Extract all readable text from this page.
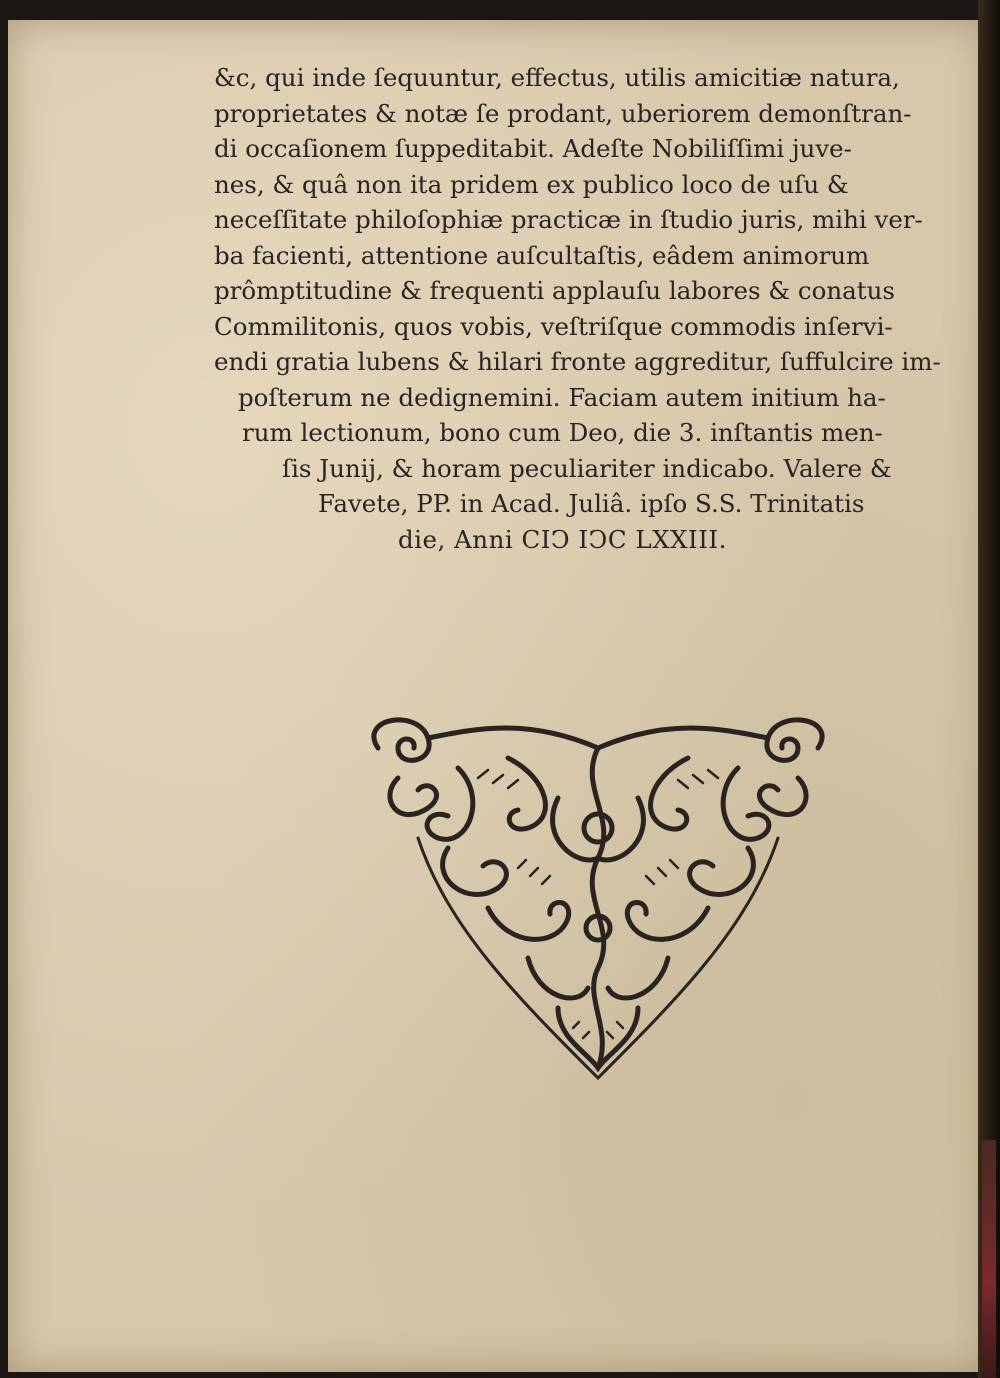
&c, qui inde ſequuntur, effectus, utilis amicitiæ natura,
proprietates & notæ ſe prodant, uberiorem demonſtran-
di occaſionem ſuppeditabit. Adeſte Nobiliſſimi juve-
nes, & quâ non ita pridem ex publico loco de uſu &
neceſſitate philoſophiæ practicæ in ſtudio juris, mihi ver-
ba facienti, attentione auſcultaſtis, eâdem animorum
prômptitudine & frequenti applauſu labores & conatus
Commilitonis, quos vobis, veſtriſque commodis inſervi-
endi gratia lubens & hilari fronte aggreditur, ſuffulcire im-
poſterum ne dedignemini. Faciam autem initium ha-
rum lectionum, bono cum Deo, die 3. inſtantis men-
ſis Junij, & horam peculiariter indicabo. Valere &
Favete, PP. in Acad. Juliâ. ipſo S.S. Trinitatis
die, Anni CIↃ IↃC LXXIII.
